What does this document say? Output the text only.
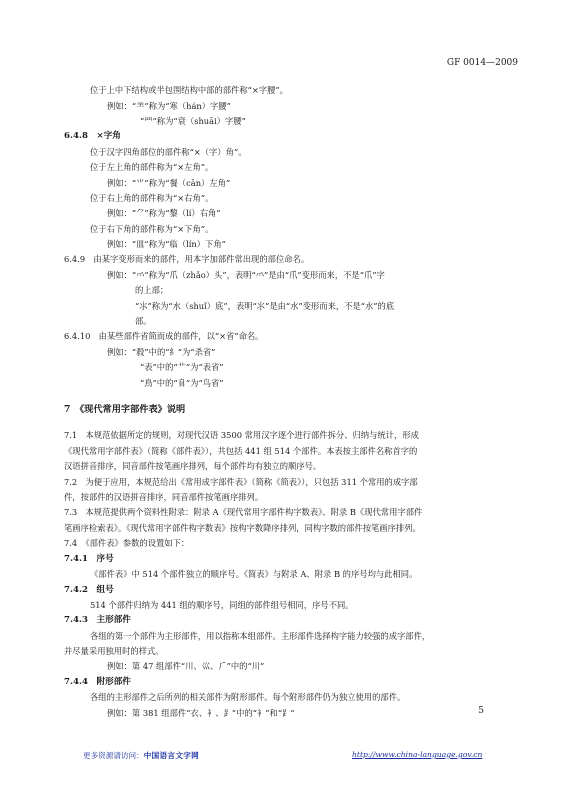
GF 0014—2009
位于上中下结构或半包围结构中部的部件称“×字腰”。
例如：“⺷”称为“寒（hán）字腰”
“⺫”称为“衰（shuāi）字腰”
6.4.8　×字角
位于汉字四角部位的部件称“×（字）角”。
位于左上角的部件称为“×左角”。
例如：“⺌”称为“餐（cān）左角”
位于右上角的部件称为“×右角”。
例如：“⺈”称为“黎（lí）右角”
位于右下角的部件称为“×下角”。
例如：“皿”称为“临（lín）下角”
6.4.9　由某字变形而来的部件，用本字加部件常出现的部位命名。
例如：“⺤”称为“爪（zhǎo）头”，表明“⺤”是由“爪”变形而来，不是“爪”字
的上部；
“⺢”称为“水（shuǐ）底”，表明“⺢”是由“水”变形而来，不是“水”的底
部。
6.4.10　由某些部件省简而成的部件，以“×省”命名。
例如：“殺”中的“⺯”为“杀省”
“表”中的“⻀”为“表省”
“鳥”中的“⻕”为“鸟省”
7　《现代常用字部件表》说明
7.1　本规范依据所定的规则，对现代汉语 3500 常用汉字逐个进行部件拆分、归纳与统计，形成
《现代常用字部件表》（简称《部件表》），共包括 441 组 514 个部件。本表按主部件名称首字的
汉语拼音排序，同音部件按笔画序排列，每个部件均有独立的顺序号。
7.2　为便于应用，本规范给出《常用成字部件表》（简称《简表》），只包括 311 个常用的成字部
件，按部件的汉语拼音排序，同音部件按笔画序排列。
7.3　本规范提供两个资料性附录：附录 A《现代常用字部件构字数表》、附录 B《现代常用字部件
笔画序检索表》。《现代常用字部件构字数表》按构字数降序排列，同构字数的部件按笔画序排列。
7.4　《部件表》参数的设置如下：
7.4.1　序号
《部件表》中 514 个部件独立的顺序号。《简表》与附录 A、附录 B 的序号均与此相同。
7.4.2　组号
514 个部件归纳为 441 组的顺序号，同组的部件组号相同，序号不同。
7.4.3　主形部件
各组的第一个部件为主形部件，用以指称本组部件。主形部件选择构字能力较强的成字部件，
并尽量采用独用时的样式。
例如：第 47 组部件“川、巛、⺁”中的“川”
7.4.4　附形部件
各组的主形部件之后所列的相关部件为附形部件。每个附形部件仍为独立使用的部件。
例如：第 381 组部件“衣、⻂、⻊”中的“⻂”和“⻊”	5
更多资源请访问：中国语言文字网	http://www.china-language.gov.cn
